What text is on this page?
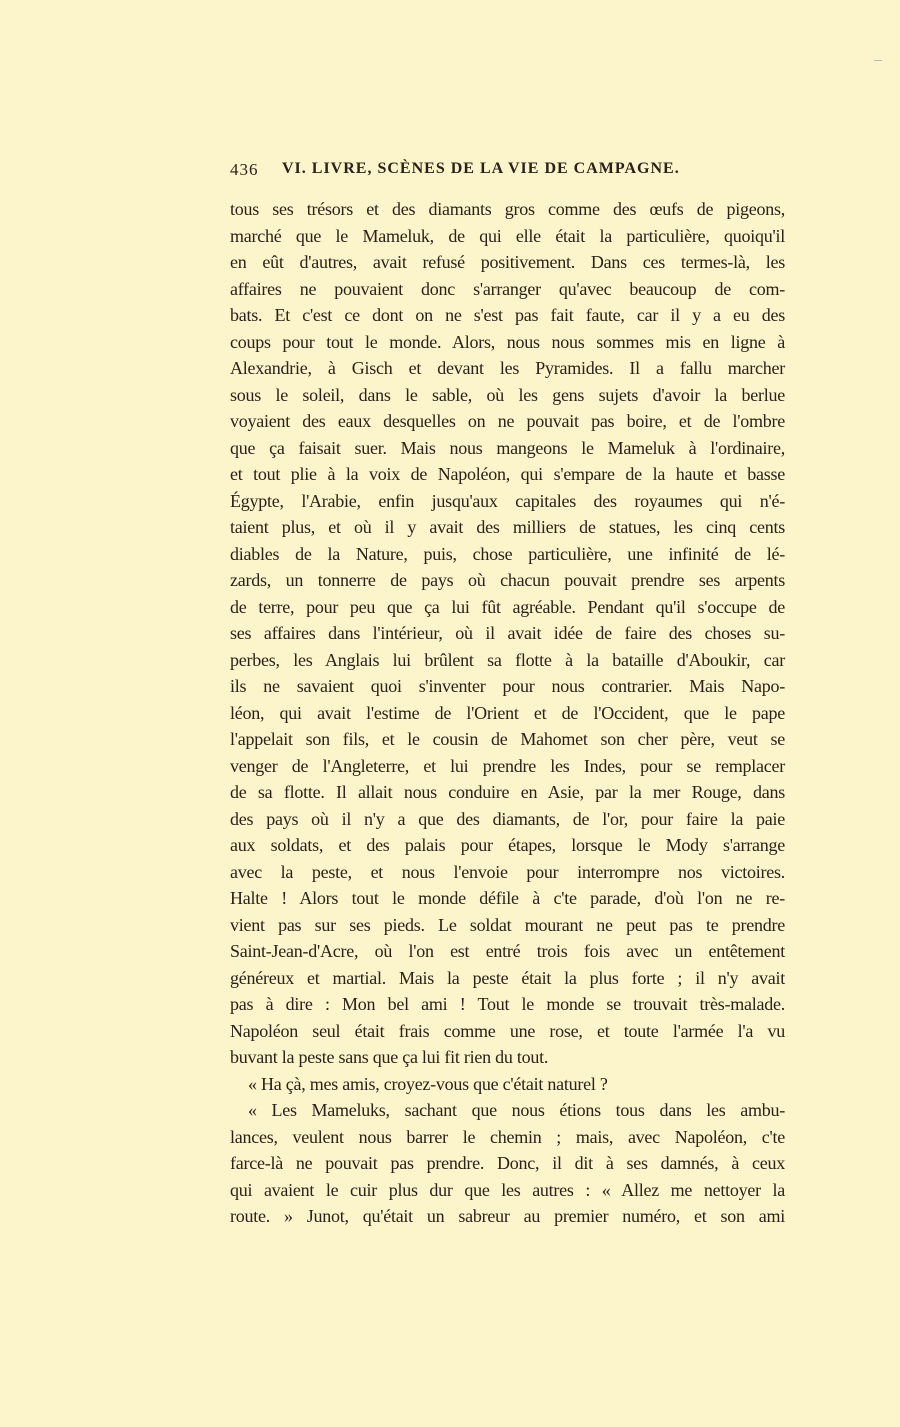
436 VI. LIVRE, SCÈNES DE LA VIE DE CAMPAGNE.
tous ses trésors et des diamants gros comme des œufs de pigeons,
marché que le Mameluk, de qui elle était la particulière, quoiqu'il
en eût d'autres, avait refusé positivement. Dans ces termes-là, les
affaires ne pouvaient donc s'arranger qu'avec beaucoup de com-
bats. Et c'est ce dont on ne s'est pas fait faute, car il y a eu des
coups pour tout le monde. Alors, nous nous sommes mis en ligne à
Alexandrie, à Gisch et devant les Pyramides. Il a fallu marcher
sous le soleil, dans le sable, où les gens sujets d'avoir la berlue
voyaient des eaux desquelles on ne pouvait pas boire, et de l'ombre
que ça faisait suer. Mais nous mangeons le Mameluk à l'ordinaire,
et tout plie à la voix de Napoléon, qui s'empare de la haute et basse
Égypte, l'Arabie, enfin jusqu'aux capitales des royaumes qui n'é-
taient plus, et où il y avait des milliers de statues, les cinq cents
diables de la Nature, puis, chose particulière, une infinité de lé-
zards, un tonnerre de pays où chacun pouvait prendre ses arpents
de terre, pour peu que ça lui fût agréable. Pendant qu'il s'occupe de
ses affaires dans l'intérieur, où il avait idée de faire des choses su-
perbes, les Anglais lui brûlent sa flotte à la bataille d'Aboukir, car
ils ne savaient quoi s'inventer pour nous contrarier. Mais Napo-
léon, qui avait l'estime de l'Orient et de l'Occident, que le pape
l'appelait son fils, et le cousin de Mahomet son cher père, veut se
venger de l'Angleterre, et lui prendre les Indes, pour se remplacer
de sa flotte. Il allait nous conduire en Asie, par la mer Rouge, dans
des pays où il n'y a que des diamants, de l'or, pour faire la paie
aux soldats, et des palais pour étapes, lorsque le Mody s'arrange
avec la peste, et nous l'envoie pour interrompre nos victoires.
Halte ! Alors tout le monde défile à c'te parade, d'où l'on ne re-
vient pas sur ses pieds. Le soldat mourant ne peut pas te prendre
Saint-Jean-d'Acre, où l'on est entré trois fois avec un entêtement
généreux et martial. Mais la peste était la plus forte ; il n'y avait
pas à dire : Mon bel ami ! Tout le monde se trouvait très-malade.
Napoléon seul était frais comme une rose, et toute l'armée l'a vu
buvant la peste sans que ça lui fit rien du tout.
« Ha çà, mes amis, croyez-vous que c'était naturel ?
« Les Mameluks, sachant que nous étions tous dans les ambu-
lances, veulent nous barrer le chemin ; mais, avec Napoléon, c'te
farce-là ne pouvait pas prendre. Donc, il dit à ses damnés, à ceux
qui avaient le cuir plus dur que les autres : « Allez me nettoyer la
route. » Junot, qu'était un sabreur au premier numéro, et son ami
